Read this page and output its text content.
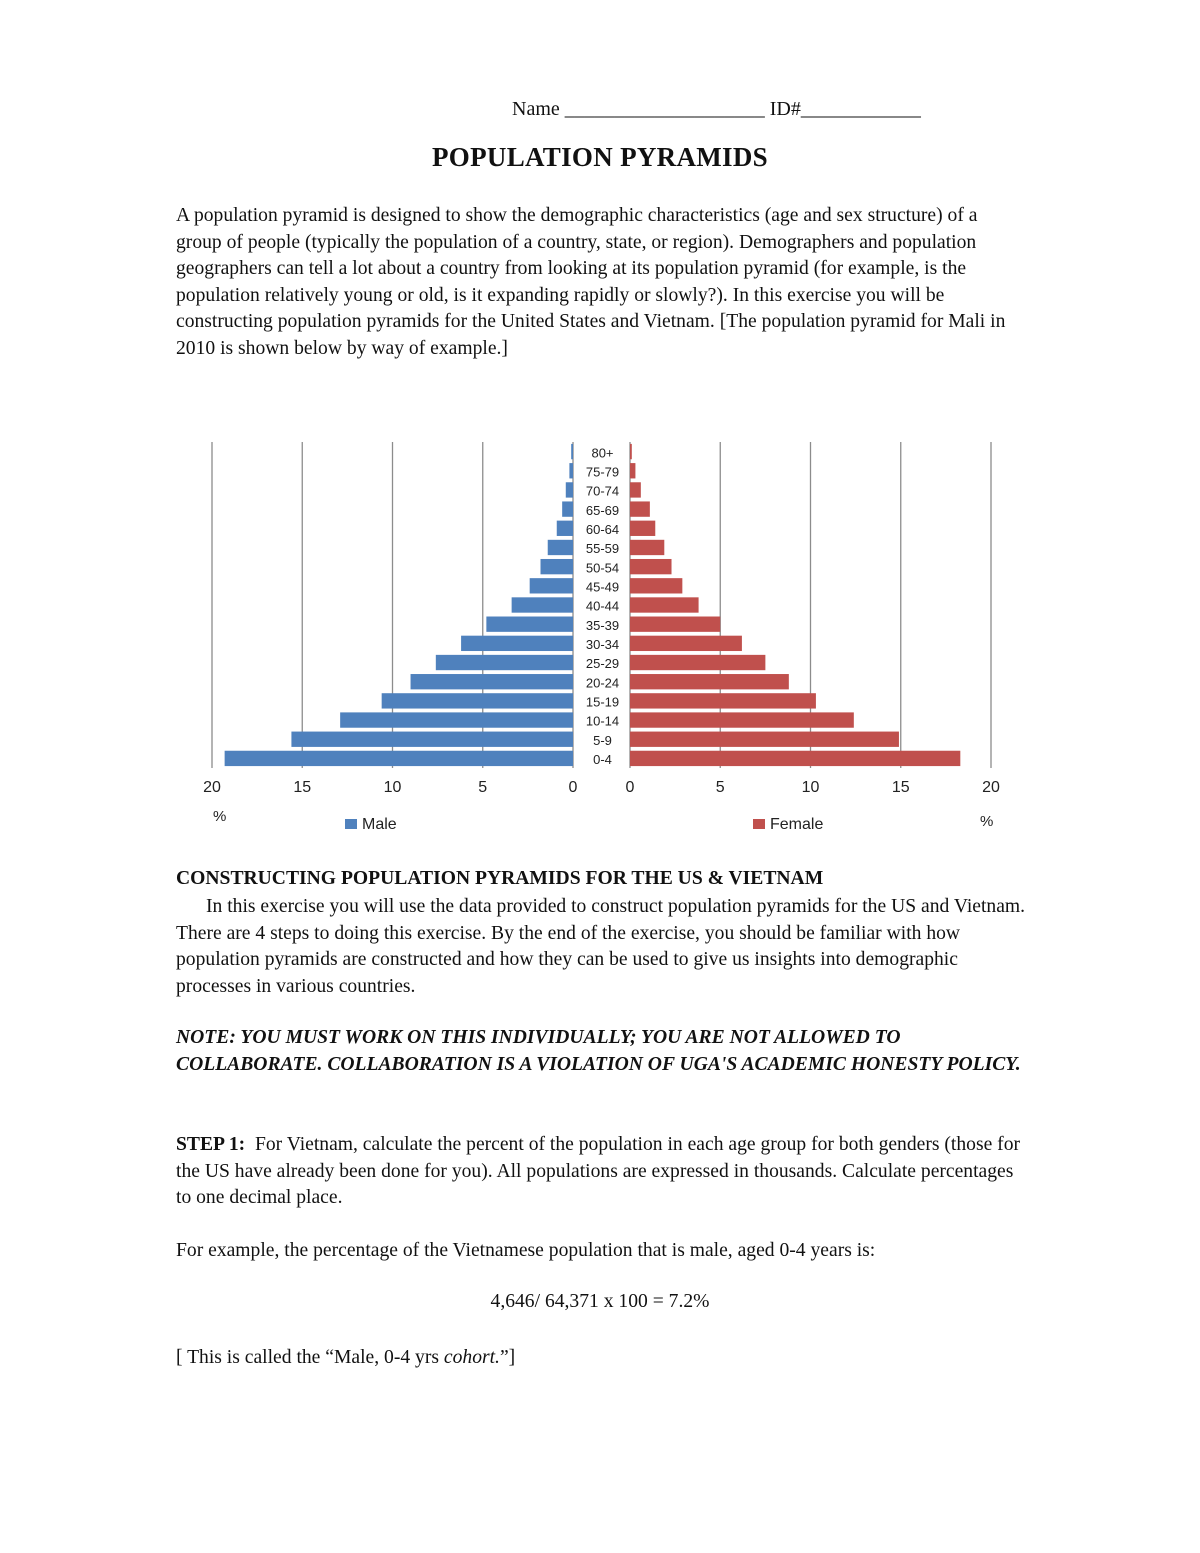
Name ____________________ ID#____________
POPULATION PYRAMIDS

A population pyramid is designed to show the demographic characteristics (age and sex structure) of a group of people (typically the population of a country, state, or region). Demographers and population geographers can tell a lot about a country from looking at its population pyramid (for example, is the population relatively young or old, is it expanding rapidly or slowly?). In this exercise you will be constructing population pyramids for the United States and Vietnam. [The population pyramid for Mali in 2010 is shown below by way of example.]

80+
75-79
70-74
65-69
60-64
55-59
50-54
45-49
40-44
35-39
30-34
25-29
20-24
15-19
10-14
5-9
0-4
20	15	10	5	0	0	5	10	15	20
%	%
Male	Female
CONSTRUCTING POPULATION PYRAMIDS FOR THE US & VIETNAM

In this exercise you will use the data provided to construct population pyramids for the US and Vietnam. There are 4 steps to doing this exercise. By the end of the exercise, you should be familiar with how population pyramids are constructed and how they can be used to give us insights into demographic processes in various countries.

NOTE: YOU MUST WORK ON THIS INDIVIDUALLY; YOU ARE NOT ALLOWED TO COLLABORATE. COLLABORATION IS A VIOLATION OF UGA'S ACADEMIC HONESTY POLICY.

STEP 1: For Vietnam, calculate the percent of the population in each age group for both genders (those for the US have already been done for you). All populations are expressed in thousands. Calculate percentages to one decimal place.

For example, the percentage of the Vietnamese population that is male, aged 0-4 years is:

4,646/ 64,371 x 100 = 7.2%

[ This is called the “Male, 0-4 yrs cohort.”]
